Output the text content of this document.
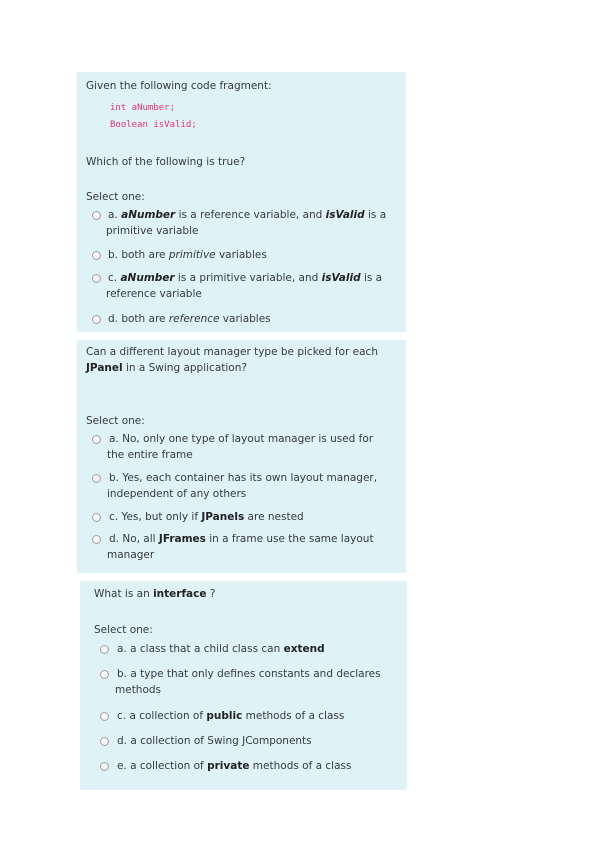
Given the following code fragment:
int aNumber;
Boolean isValid;
Which of the following is true?
Select one:
a. aNumber is a reference variable, and isValid is a
primitive variable
b. both are primitive variables
c. aNumber is a primitive variable, and isValid is a
reference variable
d. both are reference variables
Can a different layout manager type be picked for each
JPanel in a Swing application?
Select one:
a. No, only one type of layout manager is used for
the entire frame
b. Yes, each container has its own layout manager,
independent of any others
c. Yes, but only if JPanels are nested
d. No, all JFrames in a frame use the same layout
manager
What is an interface ?
Select one:
a. a class that a child class can extend
b. a type that only defines constants and declares
methods
c. a collection of public methods of a class
d. a collection of Swing JComponents
e. a collection of private methods of a class
